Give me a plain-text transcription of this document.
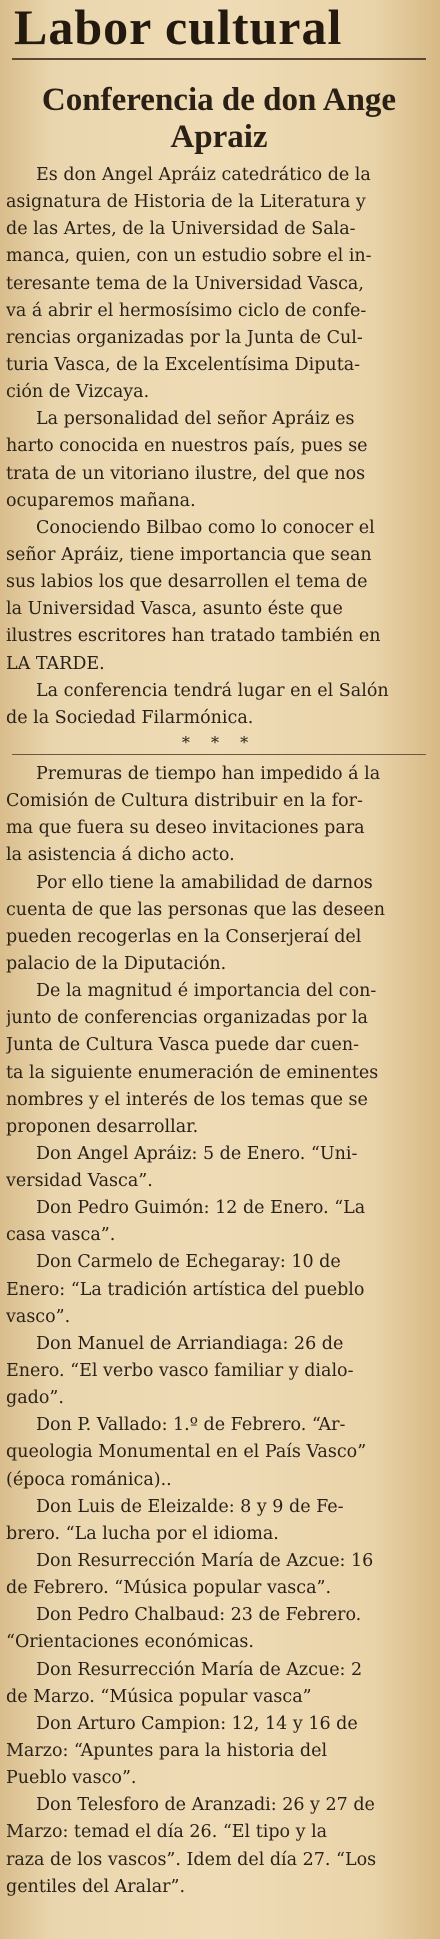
Labor cultural
Conferencia de don Ange
Apraiz
Es don Angel Apráiz catedrático de la
asignatura de Historia de la Literatura y
de las Artes, de la Universidad de Sala-
manca, quien, con un estudio sobre el in-
teresante tema de la Universidad Vasca,
va á abrir el hermosísimo ciclo de confe-
rencias organizadas por la Junta de Cul-
turia Vasca, de la Excelentísima Diputa-
ción de Vizcaya.
La personalidad del señor Apráiz es
harto conocida en nuestros país, pues se
trata de un vitoriano ilustre, del que nos
ocuparemos mañana.
Conociendo Bilbao como lo conocer el
señor Apráiz, tiene importancia que sean
sus labios los que desarrollen el tema de
la Universidad Vasca, asunto éste que
ilustres escritores han tratado también en
LA TARDE.
La conferencia tendrá lugar en el Salón
de la Sociedad Filarmónica.
* * *
Premuras de tiempo han impedido á la
Comisión de Cultura distribuir en la for-
ma que fuera su deseo invitaciones para
la asistencia á dicho acto.
Por ello tiene la amabilidad de darnos
cuenta de que las personas que las deseen
pueden recogerlas en la Conserjeraí del
palacio de la Diputación.
De la magnitud é importancia del con-
junto de conferencias organizadas por la
Junta de Cultura Vasca puede dar cuen-
ta la siguiente enumeración de eminentes
nombres y el interés de los temas que se
proponen desarrollar.
Don Angel Apráiz: 5 de Enero. “Uni-
versidad Vasca”.
Don Pedro Guimón: 12 de Enero. “La
casa vasca”.
Don Carmelo de Echegaray: 10 de
Enero: “La tradición artística del pueblo
vasco”.
Don Manuel de Arriandiaga: 26 de
Enero. “El verbo vasco familiar y dialo-
gado”.
Don P. Vallado: 1.º de Febrero. “Ar-
queologia Monumental en el País Vasco”
(época románica)..
Don Luis de Eleizalde: 8 y 9 de Fe-
brero. “La lucha por el idioma.
Don Resurrección María de Azcue: 16
de Febrero. “Música popular vasca”.
Don Pedro Chalbaud: 23 de Febrero.
“Orientaciones económicas.
Don Resurrección María de Azcue: 2
de Marzo. “Música popular vasca”
Don Arturo Campion: 12, 14 y 16 de
Marzo: “Apuntes para la historia del
Pueblo vasco”.
Don Telesforo de Aranzadi: 26 y 27 de
Marzo: temad el día 26. “El tipo y la
raza de los vascos”. Idem del día 27. “Los
gentiles del Aralar”.
